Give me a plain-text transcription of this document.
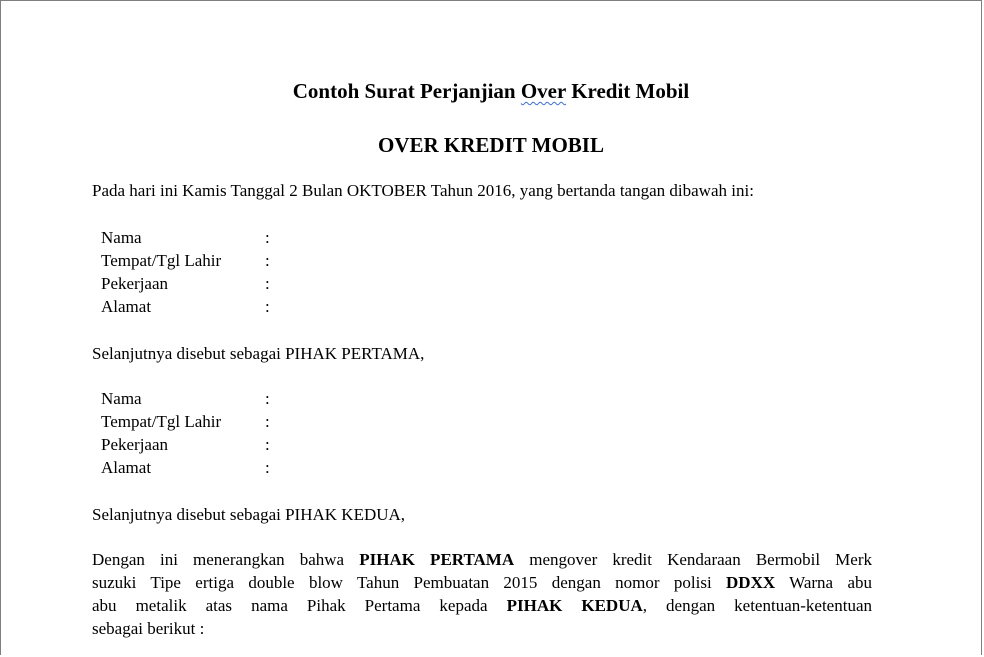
Contoh Surat Perjanjian Over Kredit Mobil
OVER KREDIT MOBIL
Pada hari ini Kamis Tanggal 2 Bulan OKTOBER Tahun 2016, yang bertanda tangan dibawah ini:
Nama	:
Tempat/Tgl Lahir	:
Pekerjaan	:
Alamat	:
Selanjutnya disebut sebagai PIHAK PERTAMA,
Nama	:
Tempat/Tgl Lahir	:
Pekerjaan	:
Alamat	:
Selanjutnya disebut sebagai PIHAK KEDUA,
Dengan ini menerangkan bahwa PIHAK PERTAMA mengover kredit Kendaraan Bermobil Merk
suzuki Tipe ertiga double blow Tahun Pembuatan 2015 dengan nomor polisi DDXX Warna abu
abu metalik atas nama Pihak Pertama kepada PIHAK KEDUA, dengan ketentuan-ketentuan
sebagai berikut :
